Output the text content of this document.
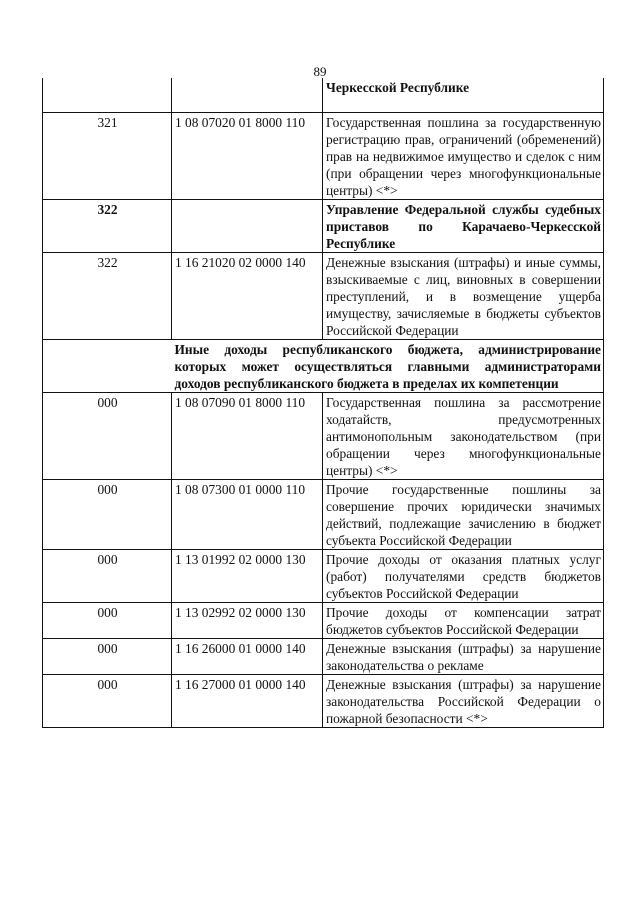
89
		Черкесской Республике
321	1 08 07020 01 8000 110	Государственная пошлина за государственную регистрацию прав, ограничений (обременений) прав на недвижимое имущество и сделок с ним (при обращении через многофункциональные центры) <*>
322		Управление Федеральной службы судебных приставов по Карачаево-Черкесской Республике
322	1 16 21020 02 0000 140	Денежные взыскания (штрафы) и иные суммы, взыскиваемые с лиц, виновных в совершении преступлений, и в возмещение ущерба имуществу, зачисляемые в бюджеты субъектов Российской Федерации
	Иные доходы республиканского бюджета, администрирование которых может осуществляться главными администраторами доходов республиканского бюджета в пределах их компетенции	
000	1 08 07090 01 8000 110	Государственная пошлина за рассмотрение ходатайств, предусмотренных антимонопольным законодательством (при обращении через многофункциональные центры) <*>
000	1 08 07300 01 0000 110	Прочие государственные пошлины за совершение прочих юридически значимых действий, подлежащие зачислению в бюджет субъекта Российской Федерации
000	1 13 01992 02 0000 130	Прочие доходы от оказания платных услуг (работ) получателями средств бюджетов субъектов Российской Федерации
000	1 13 02992 02 0000 130	Прочие доходы от компенсации затрат бюджетов субъектов Российской Федерации
000	1 16 26000 01 0000 140	Денежные взыскания (штрафы) за нарушение законодательства о рекламе
000	1 16 27000 01 0000 140	Денежные взыскания (штрафы) за нарушение законодательства Российской Федерации о пожарной безопасности <*>
